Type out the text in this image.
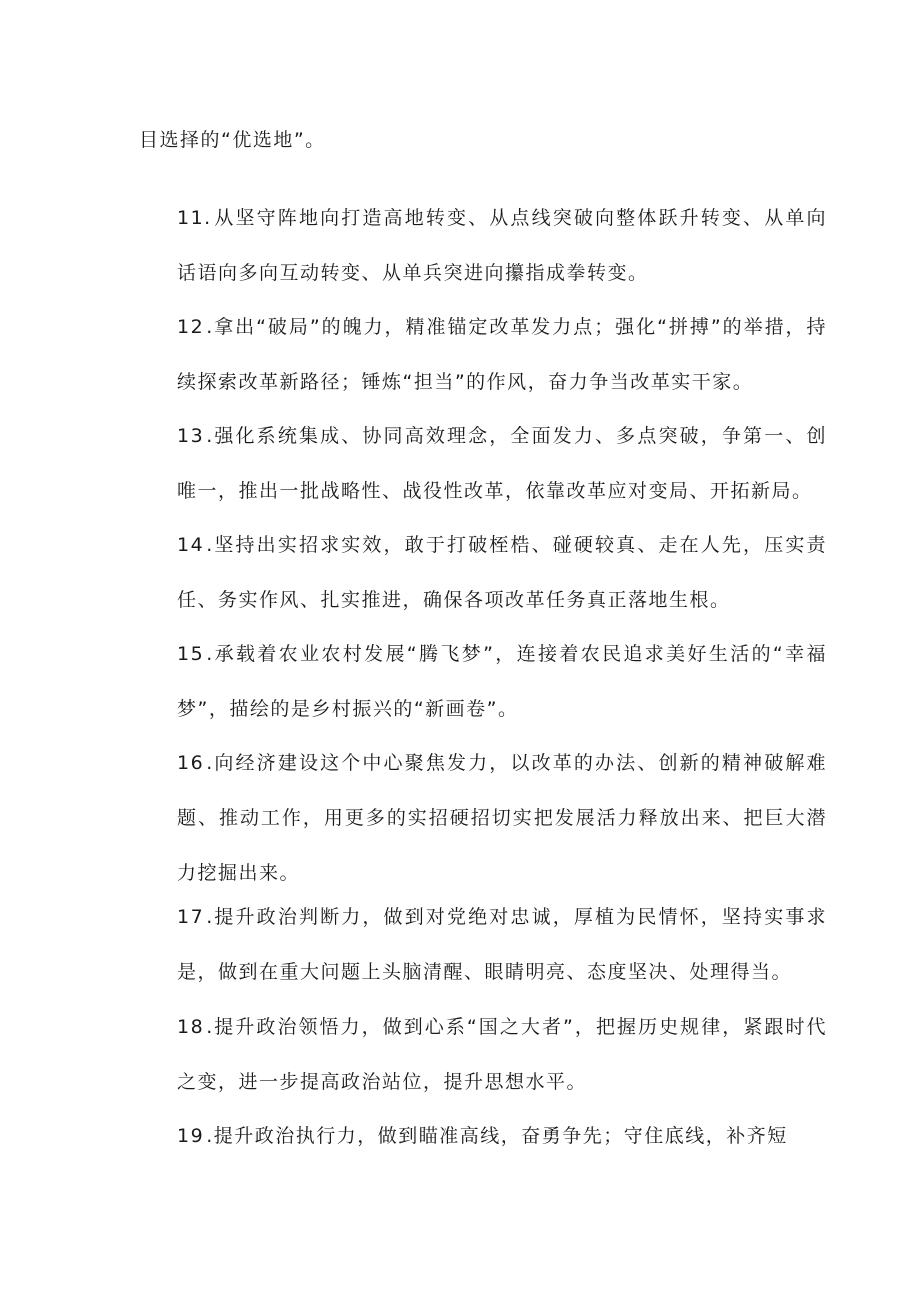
目选择的“优选地”。

11. 从坚守阵地向打造高地转变、从点线突破向整体跃升转变、从单向话语向多向互动转变、从单兵突进向攥指成拳转变。

12 .拿出“破局”的魄力，精准锚定改革发力点；强化“拼搏”的举措，持续探索改革新路径；锤炼“担当”的作风，奋力争当改革实干家。

13 .强化系统集成、协同高效理念，全面发力、多点突破，争第一、创唯一，推出一批战略性、战役性改革，依靠改革应对变局、开拓新局。

14 .坚持出实招求实效，敢于打破桎梏、碰硬较真、走在人先，压实责任、务实作风、扎实推进，确保各项改革任务真正落地生根。

15 .承载着农业农村发展“腾飞梦”，连接着农民追求美好生活的“幸福梦”，描绘的是乡村振兴的“新画卷”。

16 .向经济建设这个中心聚焦发力，以改革的办法、创新的精神破解难题、推动工作，用更多的实招硬招切实把发展活力释放出来、把巨大潜力挖掘出来。

17 .提升政治判断力，做到对党绝对忠诚，厚植为民情怀，坚持实事求是，做到在重大问题上头脑清醒、眼睛明亮、态度坚决、处理得当。

18 .提升政治领悟力，做到心系“国之大者”，把握历史规律，紧跟时代之变，进一步提高政治站位，提升思想水平。

19 .提升政治执行力，做到瞄准高线，奋勇争先；守住底线，补齐短
